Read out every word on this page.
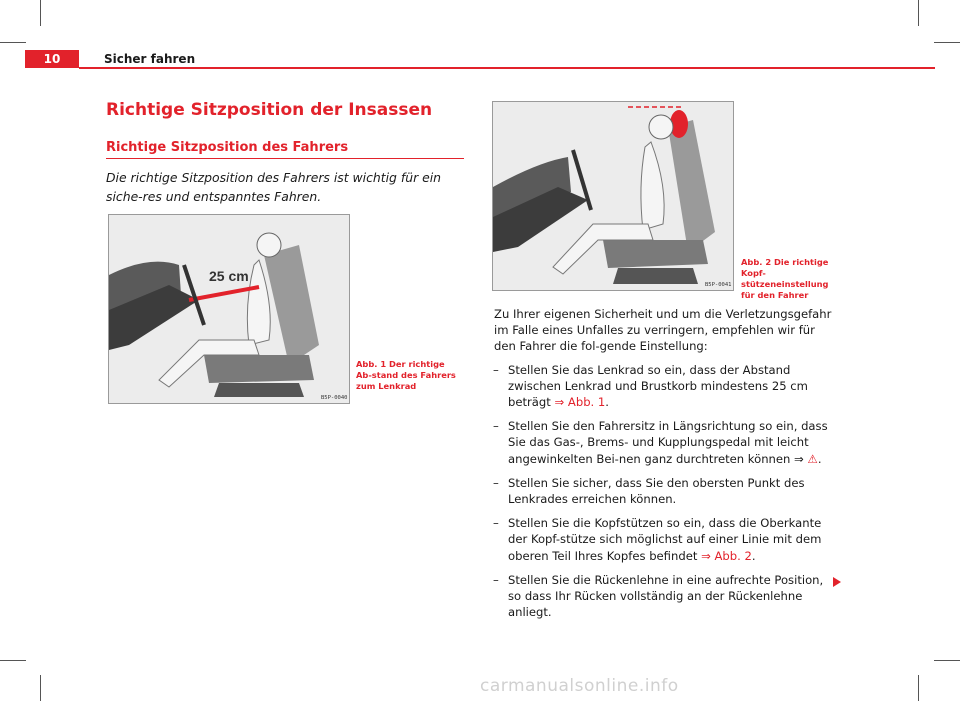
10	Sicher fahren
Richtige Sitzposition der Insassen
Richtige Sitzposition des Fahrers
Die richtige Sitzposition des Fahrers ist wichtig für ein siche-res und entspanntes Fahren.
25 cm
B5P-0040
Abb. 1 Der richtige Ab-stand des Fahrers zum Lenkrad
B5P-0041
Abb. 2 Die richtige Kopf-stützeneinstellung für den Fahrer

Zu Ihrer eigenen Sicherheit und um die Verletzungsgefahr im Falle eines Unfalles zu verringern, empfehlen wir für den Fahrer die fol-gende Einstellung:

– Stellen Sie das Lenkrad so ein, dass der Abstand zwischen Lenkrad und Brustkorb mindestens 25 cm beträgt ⇒ Abb. 1.
– Stellen Sie den Fahrersitz in Längsrichtung so ein, dass Sie das Gas-, Brems- und Kupplungspedal mit leicht angewinkelten Bei-nen ganz durchtreten können ⇒ ⚠.
– Stellen Sie sicher, dass Sie den obersten Punkt des Lenkrades erreichen können.
– Stellen Sie die Kopfstützen so ein, dass die Oberkante der Kopf-stütze sich möglichst auf einer Linie mit dem oberen Teil Ihres Kopfes befindet ⇒ Abb. 2.
– Stellen Sie die Rückenlehne in eine aufrechte Position, so dass Ihr Rücken vollständig an der Rückenlehne anliegt.
carmanualsonline.info
